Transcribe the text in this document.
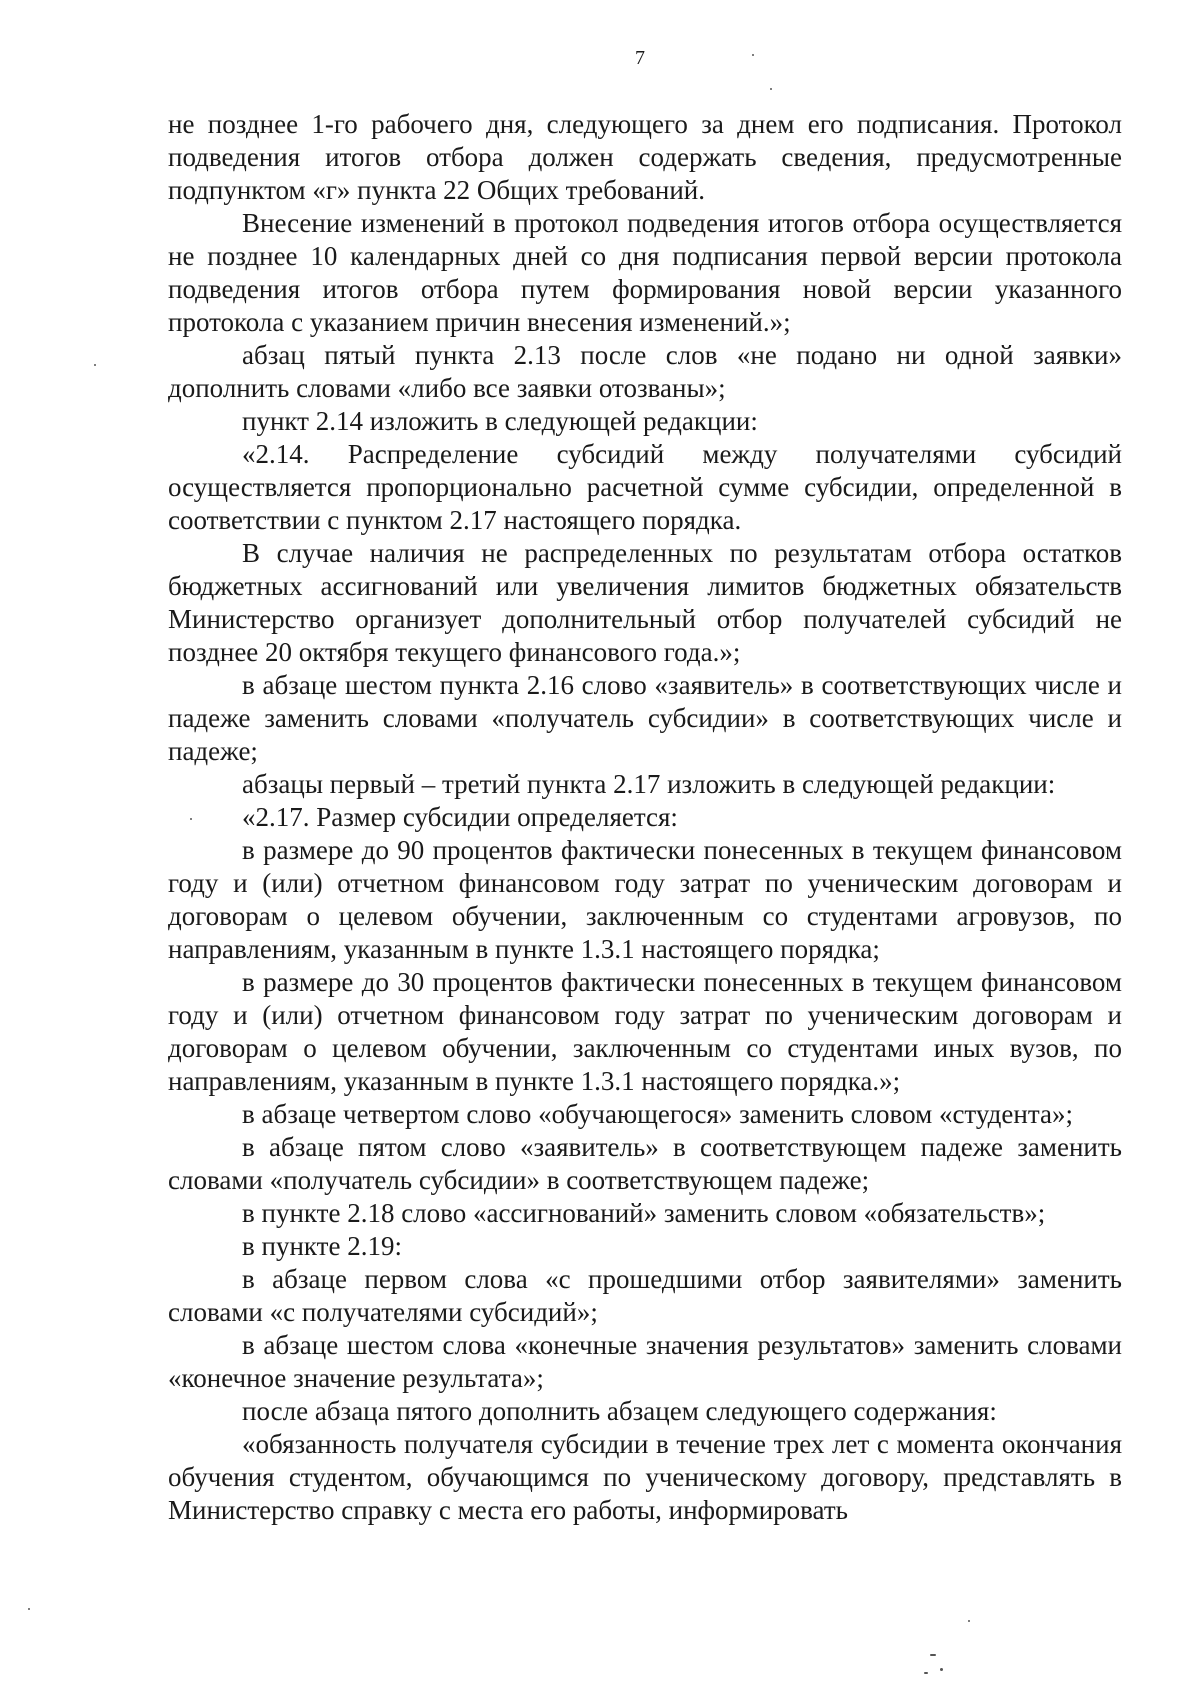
7

не позднее 1-го рабочего дня, следующего за днем его подписания. Протокол подведения итогов отбора должен содержать сведения, предусмотренные подпунктом «г» пункта 22 Общих требований.

Внесение изменений в протокол подведения итогов отбора осуществляется не позднее 10 календарных дней со дня подписания первой версии протокола подведения итогов отбора путем формирования новой версии указанного протокола с указанием причин внесения изменений.»;

абзац пятый пункта 2.13 после слов «не подано ни одной заявки» дополнить словами «либо все заявки отозваны»;

пункт 2.14 изложить в следующей редакции:

«2.14. Распределение субсидий между получателями субсидий осуществляется пропорционально расчетной сумме субсидии, определенной в соответствии с пунктом 2.17 настоящего порядка.

В случае наличия не распределенных по результатам отбора остатков бюджетных ассигнований или увеличения лимитов бюджетных обязательств Министерство организует дополнительный отбор получателей субсидий не позднее 20 октября текущего финансового года.»;

в абзаце шестом пункта 2.16 слово «заявитель» в соответствующих числе и падеже заменить словами «получатель субсидии» в соответствующих числе и падеже;

абзацы первый – третий пункта 2.17 изложить в следующей редакции:

«2.17. Размер субсидии определяется:

в размере до 90 процентов фактически понесенных в текущем финансовом году и (или) отчетном финансовом году затрат по ученическим договорам и договорам о целевом обучении, заключенным со студентами агровузов, по направлениям, указанным в пункте 1.3.1 настоящего порядка;

в размере до 30 процентов фактически понесенных в текущем финансовом году и (или) отчетном финансовом году затрат по ученическим договорам и договорам о целевом обучении, заключенным со студентами иных вузов, по направлениям, указанным в пункте 1.3.1 настоящего порядка.»;

в абзаце четвертом слово «обучающегося» заменить словом «студента»;

в абзаце пятом слово «заявитель» в соответствующем падеже заменить словами «получатель субсидии» в соответствующем падеже;

в пункте 2.18 слово «ассигнований» заменить словом «обязательств»;

в пункте 2.19:

в абзаце первом слова «с прошедшими отбор заявителями» заменить словами «с получателями субсидий»;

в абзаце шестом слова «конечные значения результатов» заменить словами «конечное значение результата»;

после абзаца пятого дополнить абзацем следующего содержания:

«обязанность получателя субсидии в течение трех лет с момента окончания обучения студентом, обучающимся по ученическому договору, представлять в Министерство справку с места его работы, информировать
